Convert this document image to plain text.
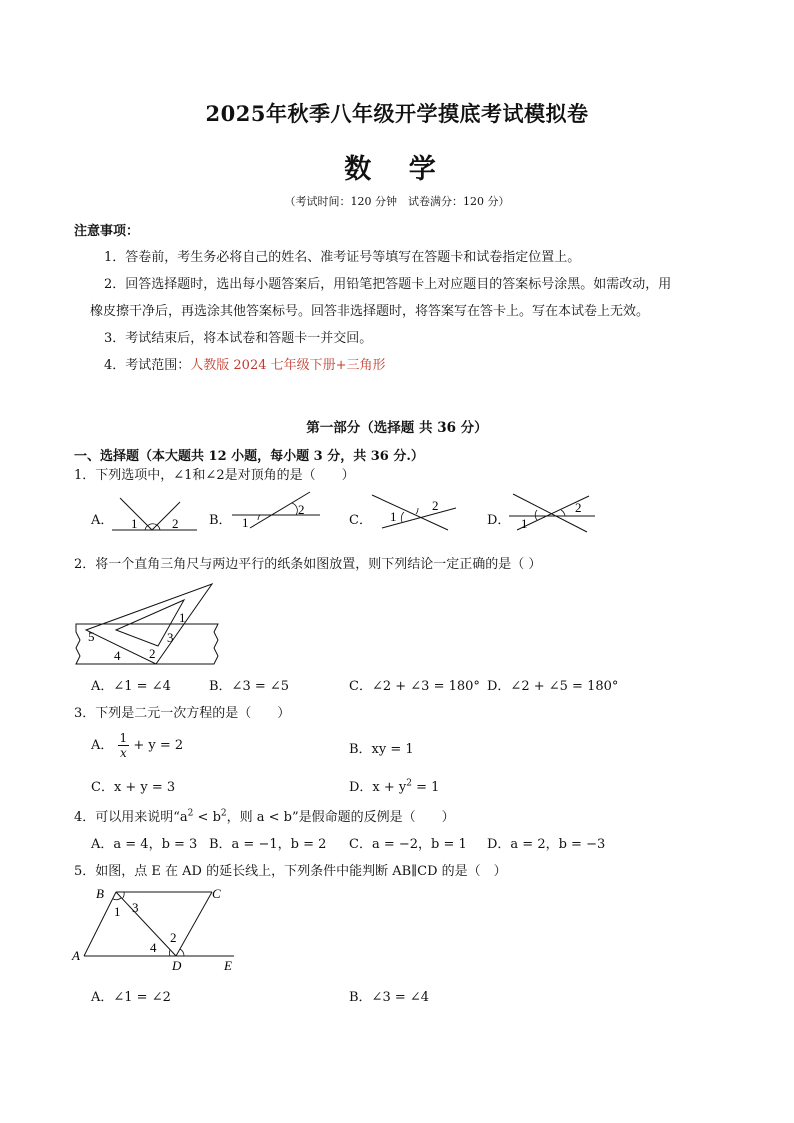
2025年秋季八年级开学摸底考试模拟卷
数 学
（考试时间：120 分钟　试卷满分：120 分）
注意事项：
1．答卷前，考生务必将自己的姓名、准考证号等填写在答题卡和试卷指定位置上。
2．回答选择题时，选出每小题答案后，用铅笔把答题卡上对应题目的答案标号涂黑。如需改动，用
橡皮擦干净后，再选涂其他答案标号。回答非选择题时，将答案写在答卡上。写在本试卷上无效。
3．考试结束后，将本试卷和答题卡一并交回。
4．考试范围：人教版 2024 七年级下册+三角形
第一部分（选择题 共 36 分）
一、选择题（本大题共 12 小题，每小题 3 分，共 36 分.）
1．下列选项中，∠1和∠2是对顶角的是（　　）
A． 1	2 B． 1
2
C． 1
2
D． 1
2
2．将一个直角三角尺与两边平行的纸条如图放置，则下列结论一定正确的是（ ）
5
1
3
4 2
A．∠1 = ∠4	B．∠3 = ∠5	C．∠2 + ∠3 = 180° D．∠2 + ∠5 = 180°
3．下列是二元一次方程的是（　　）
A． $\frac{1}{x} + y = 2$	B．xy = 1
C．x + y = 3	D．$x + y^2 = 1$
4．可以用来说明“$a^2 < b^2$，则 a < b”是假命题的反例是（　　）
A．a = 4，b = 3 B．a = −1，b = 2 C．a = −2，b = 1 D．a = 2，b = −3
5．如图，点 E 在 AD 的延长线上，下列条件中能判断 AB∥CD 的是（　）
B	C
A
D	E
1 3
2
4
A．∠1 = ∠2	B．∠3 = ∠4
